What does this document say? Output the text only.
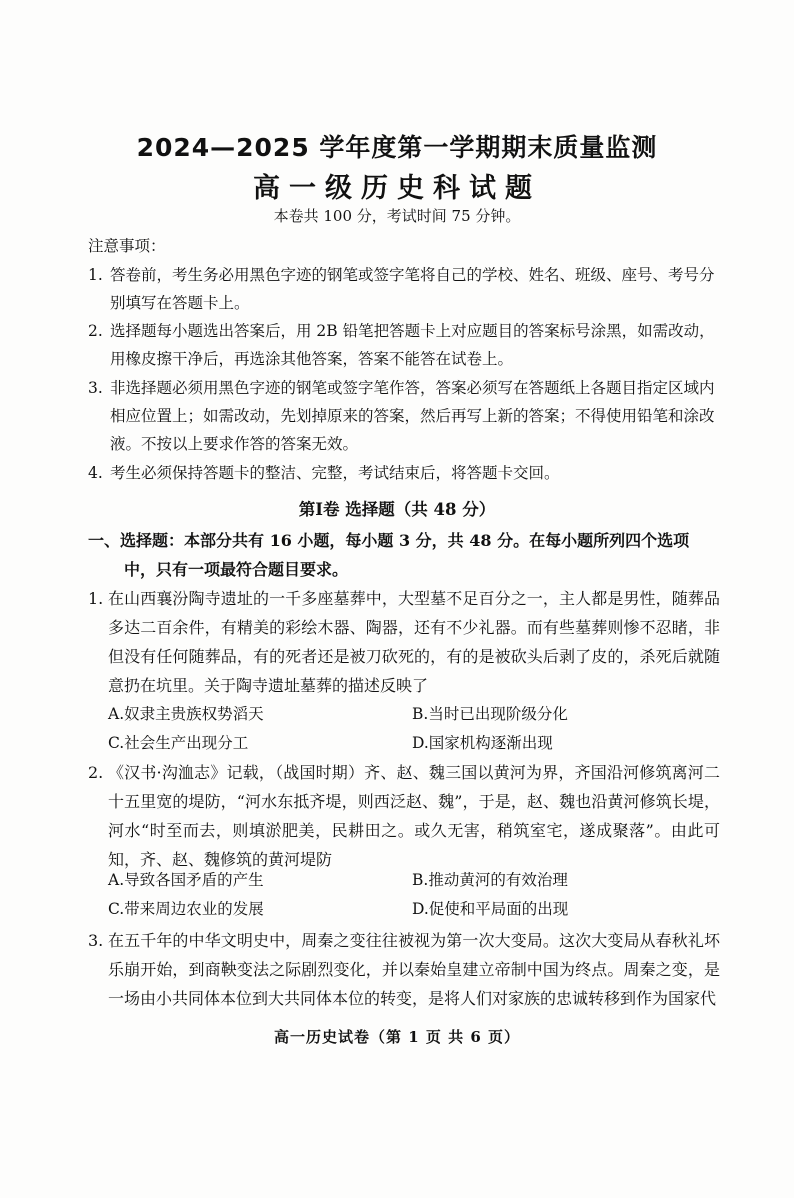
2024—2025 学年度第一学期期末质量监测
高一级历史科试题
本卷共 100 分，考试时间 75 分钟。
注意事项：
1. 答卷前，考生务必用黑色字迹的钢笔或签字笔将自己的学校、姓名、班级、座号、考号分别填写在答题卡上。
2. 选择题每小题选出答案后，用 2B 铅笔把答题卡上对应题目的答案标号涂黑，如需改动，用橡皮擦干净后，再选涂其他答案，答案不能答在试卷上。
3. 非选择题必须用黑色字迹的钢笔或签字笔作答，答案必须写在答题纸上各题目指定区域内相应位置上；如需改动，先划掉原来的答案，然后再写上新的答案；不得使用铅笔和涂改液。不按以上要求作答的答案无效。
4. 考生必须保持答题卡的整洁、完整，考试结束后，将答题卡交回。
第Ⅰ卷 选择题（共 48 分）
一、选择题：本部分共有 16 小题，每小题 3 分，共 48 分。在每小题所列四个选项中，只有一项最符合题目要求。
1. 在山西襄汾陶寺遗址的一千多座墓葬中，大型墓不足百分之一，主人都是男性，随葬品多达二百余件，有精美的彩绘木器、陶器，还有不少礼器。而有些墓葬则惨不忍睹，非但没有任何随葬品，有的死者还是被刀砍死的，有的是被砍头后剥了皮的，杀死后就随意扔在坑里。关于陶寺遗址墓葬的描述反映了
A.奴隶主贵族权势滔天	B.当时已出现阶级分化
C.社会生产出现分工	D.国家机构逐渐出现
2. 《汉书·沟洫志》记载，（战国时期）齐、赵、魏三国以黄河为界，齐国沿河修筑离河二十五里宽的堤防，“河水东抵齐堤，则西泛赵、魏”，于是，赵、魏也沿黄河修筑长堤，河水“时至而去，则填淤肥美，民耕田之。或久无害，稍筑室宅，遂成聚落”。由此可知，齐、赵、魏修筑的黄河堤防
A.导致各国矛盾的产生	B.推动黄河的有效治理
C.带来周边农业的发展	D.促使和平局面的出现
3. 在五千年的中华文明史中，周秦之变往往被视为第一次大变局。这次大变局从春秋礼坏乐崩开始，到商鞅变法之际剧烈变化，并以秦始皇建立帝制中国为终点。周秦之变，是一场由小共同体本位到大共同体本位的转变，是将人们对家族的忠诚转移到作为国家代
高一历史试卷（第 1 页 共 6 页）
